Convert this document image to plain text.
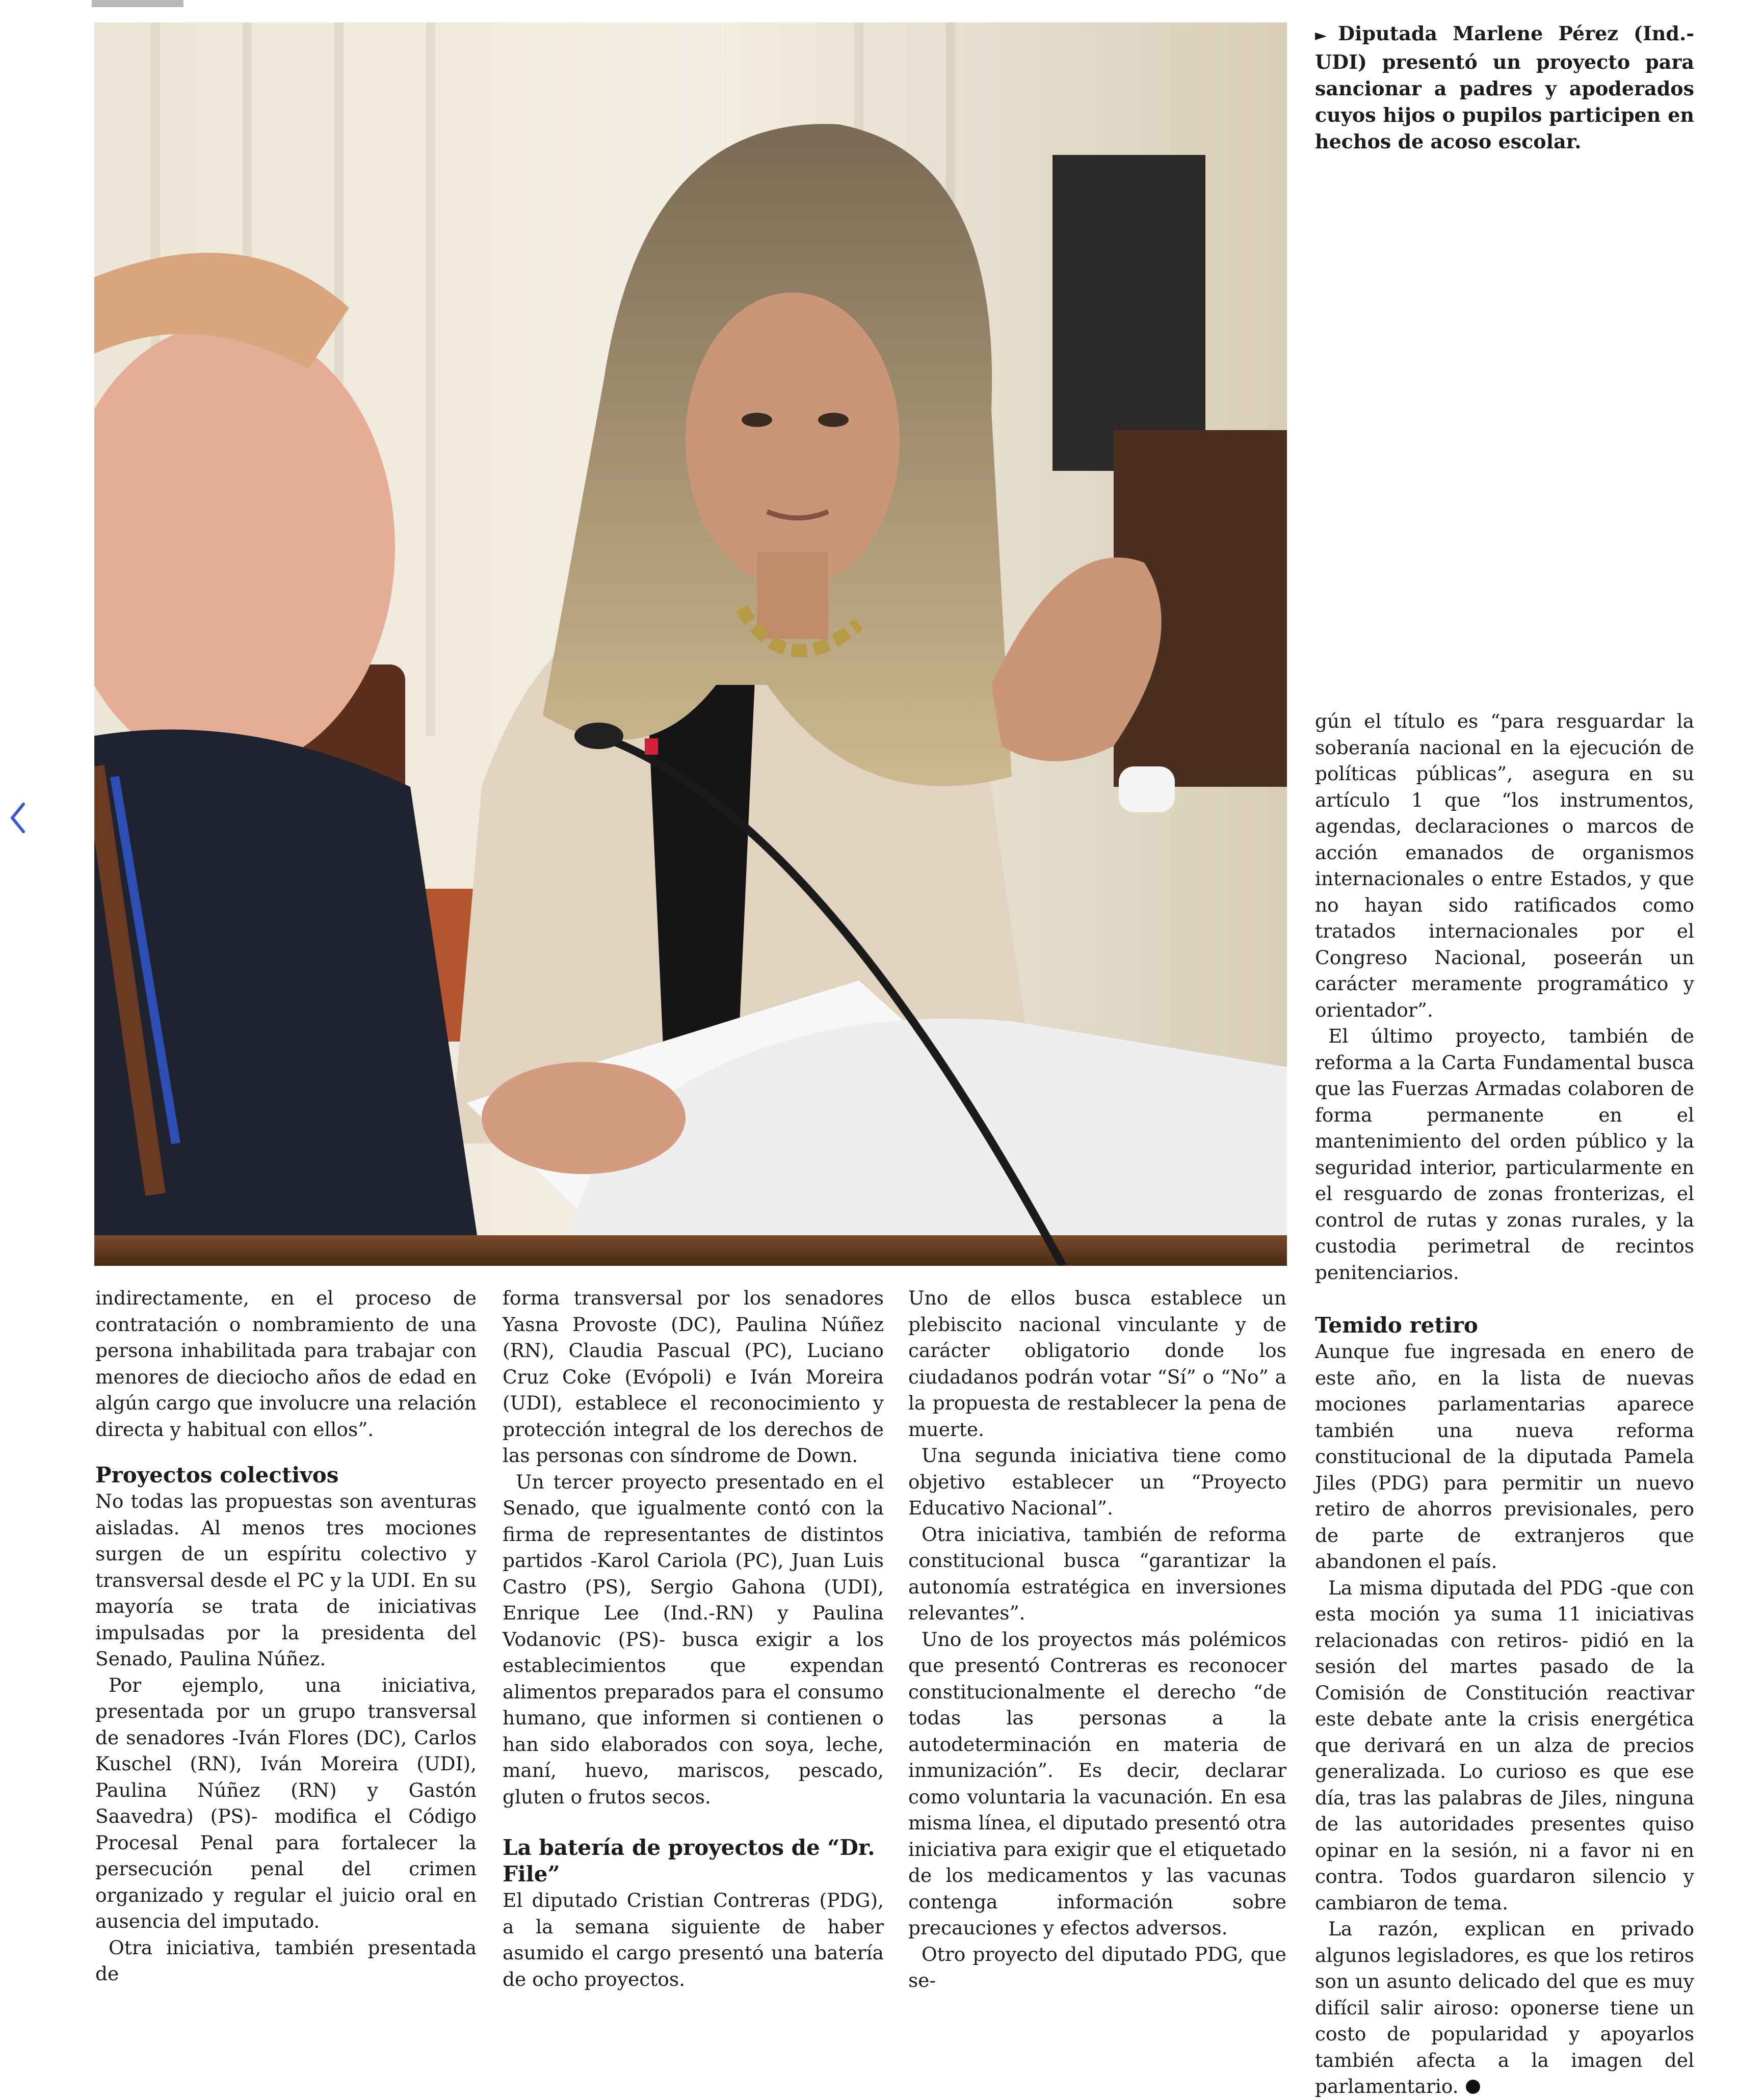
► Diputada Marlene Pérez (Ind.-UDI) presentó un proyecto para sancionar a padres y apoderados cuyos hijos o pupilos participen en hechos de acoso escolar.

indirectamente, en el proceso de contratación o nombramiento de una persona inhabilitada para trabajar con menores de dieciocho años de edad en algún cargo que involucre una relación directa y habitual con ellos”.

Proyectos colectivos

No todas las propuestas son aventuras aisladas. Al menos tres mociones surgen de un espíritu colectivo y transversal desde el PC y la UDI. En su mayoría se trata de iniciativas impulsadas por la presidenta del Senado, Paulina Núñez.

Por ejemplo, una iniciativa, presentada por un grupo transversal de senadores -Iván Flores (DC), Carlos Kuschel (RN), Iván Moreira (UDI), Paulina Núñez (RN) y Gastón Saavedra) (PS)- modifica el Código Procesal Penal para fortalecer la persecución penal del crimen organizado y regular el juicio oral en ausencia del imputado.

Otra iniciativa, también presentada de

forma transversal por los senadores Yasna Provoste (DC), Paulina Núñez (RN), Claudia Pascual (PC), Luciano Cruz Coke (Evópoli) e Iván Moreira (UDI), establece el reconocimiento y protección integral de los derechos de las personas con síndrome de Down.

Un tercer proyecto presentado en el Senado, que igualmente contó con la firma de representantes de distintos partidos -Karol Cariola (PC), Juan Luis Castro (PS), Sergio Gahona (UDI), Enrique Lee (Ind.-RN) y Paulina Vodanovic (PS)- busca exigir a los establecimientos que expendan alimentos preparados para el consumo humano, que informen si contienen o han sido elaborados con soya, leche, maní, huevo, mariscos, pescado, gluten o frutos secos.

La batería de proyectos de “Dr. File”

El diputado Cristian Contreras (PDG), a la semana siguiente de haber asumido el cargo presentó una batería de ocho proyectos.

Uno de ellos busca establece un plebiscito nacional vinculante y de carácter obligatorio donde los ciudadanos podrán votar “Sí” o “No” a la propuesta de restablecer la pena de muerte.

Una segunda iniciativa tiene como objetivo establecer un “Proyecto Educativo Nacional”.

Otra iniciativa, también de reforma constitucional busca “garantizar la autonomía estratégica en inversiones relevantes”.

Uno de los proyectos más polémicos que presentó Contreras es reconocer constitucionalmente el derecho “de todas las personas a la autodeterminación en materia de inmunización”. Es decir, declarar como voluntaria la vacunación. En esa misma línea, el diputado presentó otra iniciativa para exigir que el etiquetado de los medicamentos y las vacunas contenga información sobre precauciones y efectos adversos.

Otro proyecto del diputado PDG, que se-

gún el título es “para resguardar la soberanía nacional en la ejecución de políticas públicas”, asegura en su artículo 1 que “los instrumentos, agendas, declaraciones o marcos de acción emanados de organismos internacionales o entre Estados, y que no hayan sido ratificados como tratados internacionales por el Congreso Nacional, poseerán un carácter meramente programático y orientador”.

El último proyecto, también de reforma a la Carta Fundamental busca que las Fuerzas Armadas colaboren de forma permanente en el mantenimiento del orden público y la seguridad interior, particularmente en el resguardo de zonas fronterizas, el control de rutas y zonas rurales, y la custodia perimetral de recintos penitenciarios.

Temido retiro

Aunque fue ingresada en enero de este año, en la lista de nuevas mociones parlamentarias aparece también una nueva reforma constitucional de la diputada Pamela Jiles (PDG) para permitir un nuevo retiro de ahorros previsionales, pero de parte de extranjeros que abandonen el país.

La misma diputada del PDG -que con esta moción ya suma 11 iniciativas relacionadas con retiros- pidió en la sesión del martes pasado de la Comisión de Constitución reactivar este debate ante la crisis energética que derivará en un alza de precios generalizada. Lo curioso es que ese día, tras las palabras de Jiles, ninguna de las autoridades presentes quiso opinar en la sesión, ni a favor ni en contra. Todos guardaron silencio y cambiaron de tema.

La razón, explican en privado algunos legisladores, es que los retiros son un asunto delicado del que es muy difícil salir airoso: oponerse tiene un costo de popularidad y apoyarlos también afecta a la imagen del parlamentario.
